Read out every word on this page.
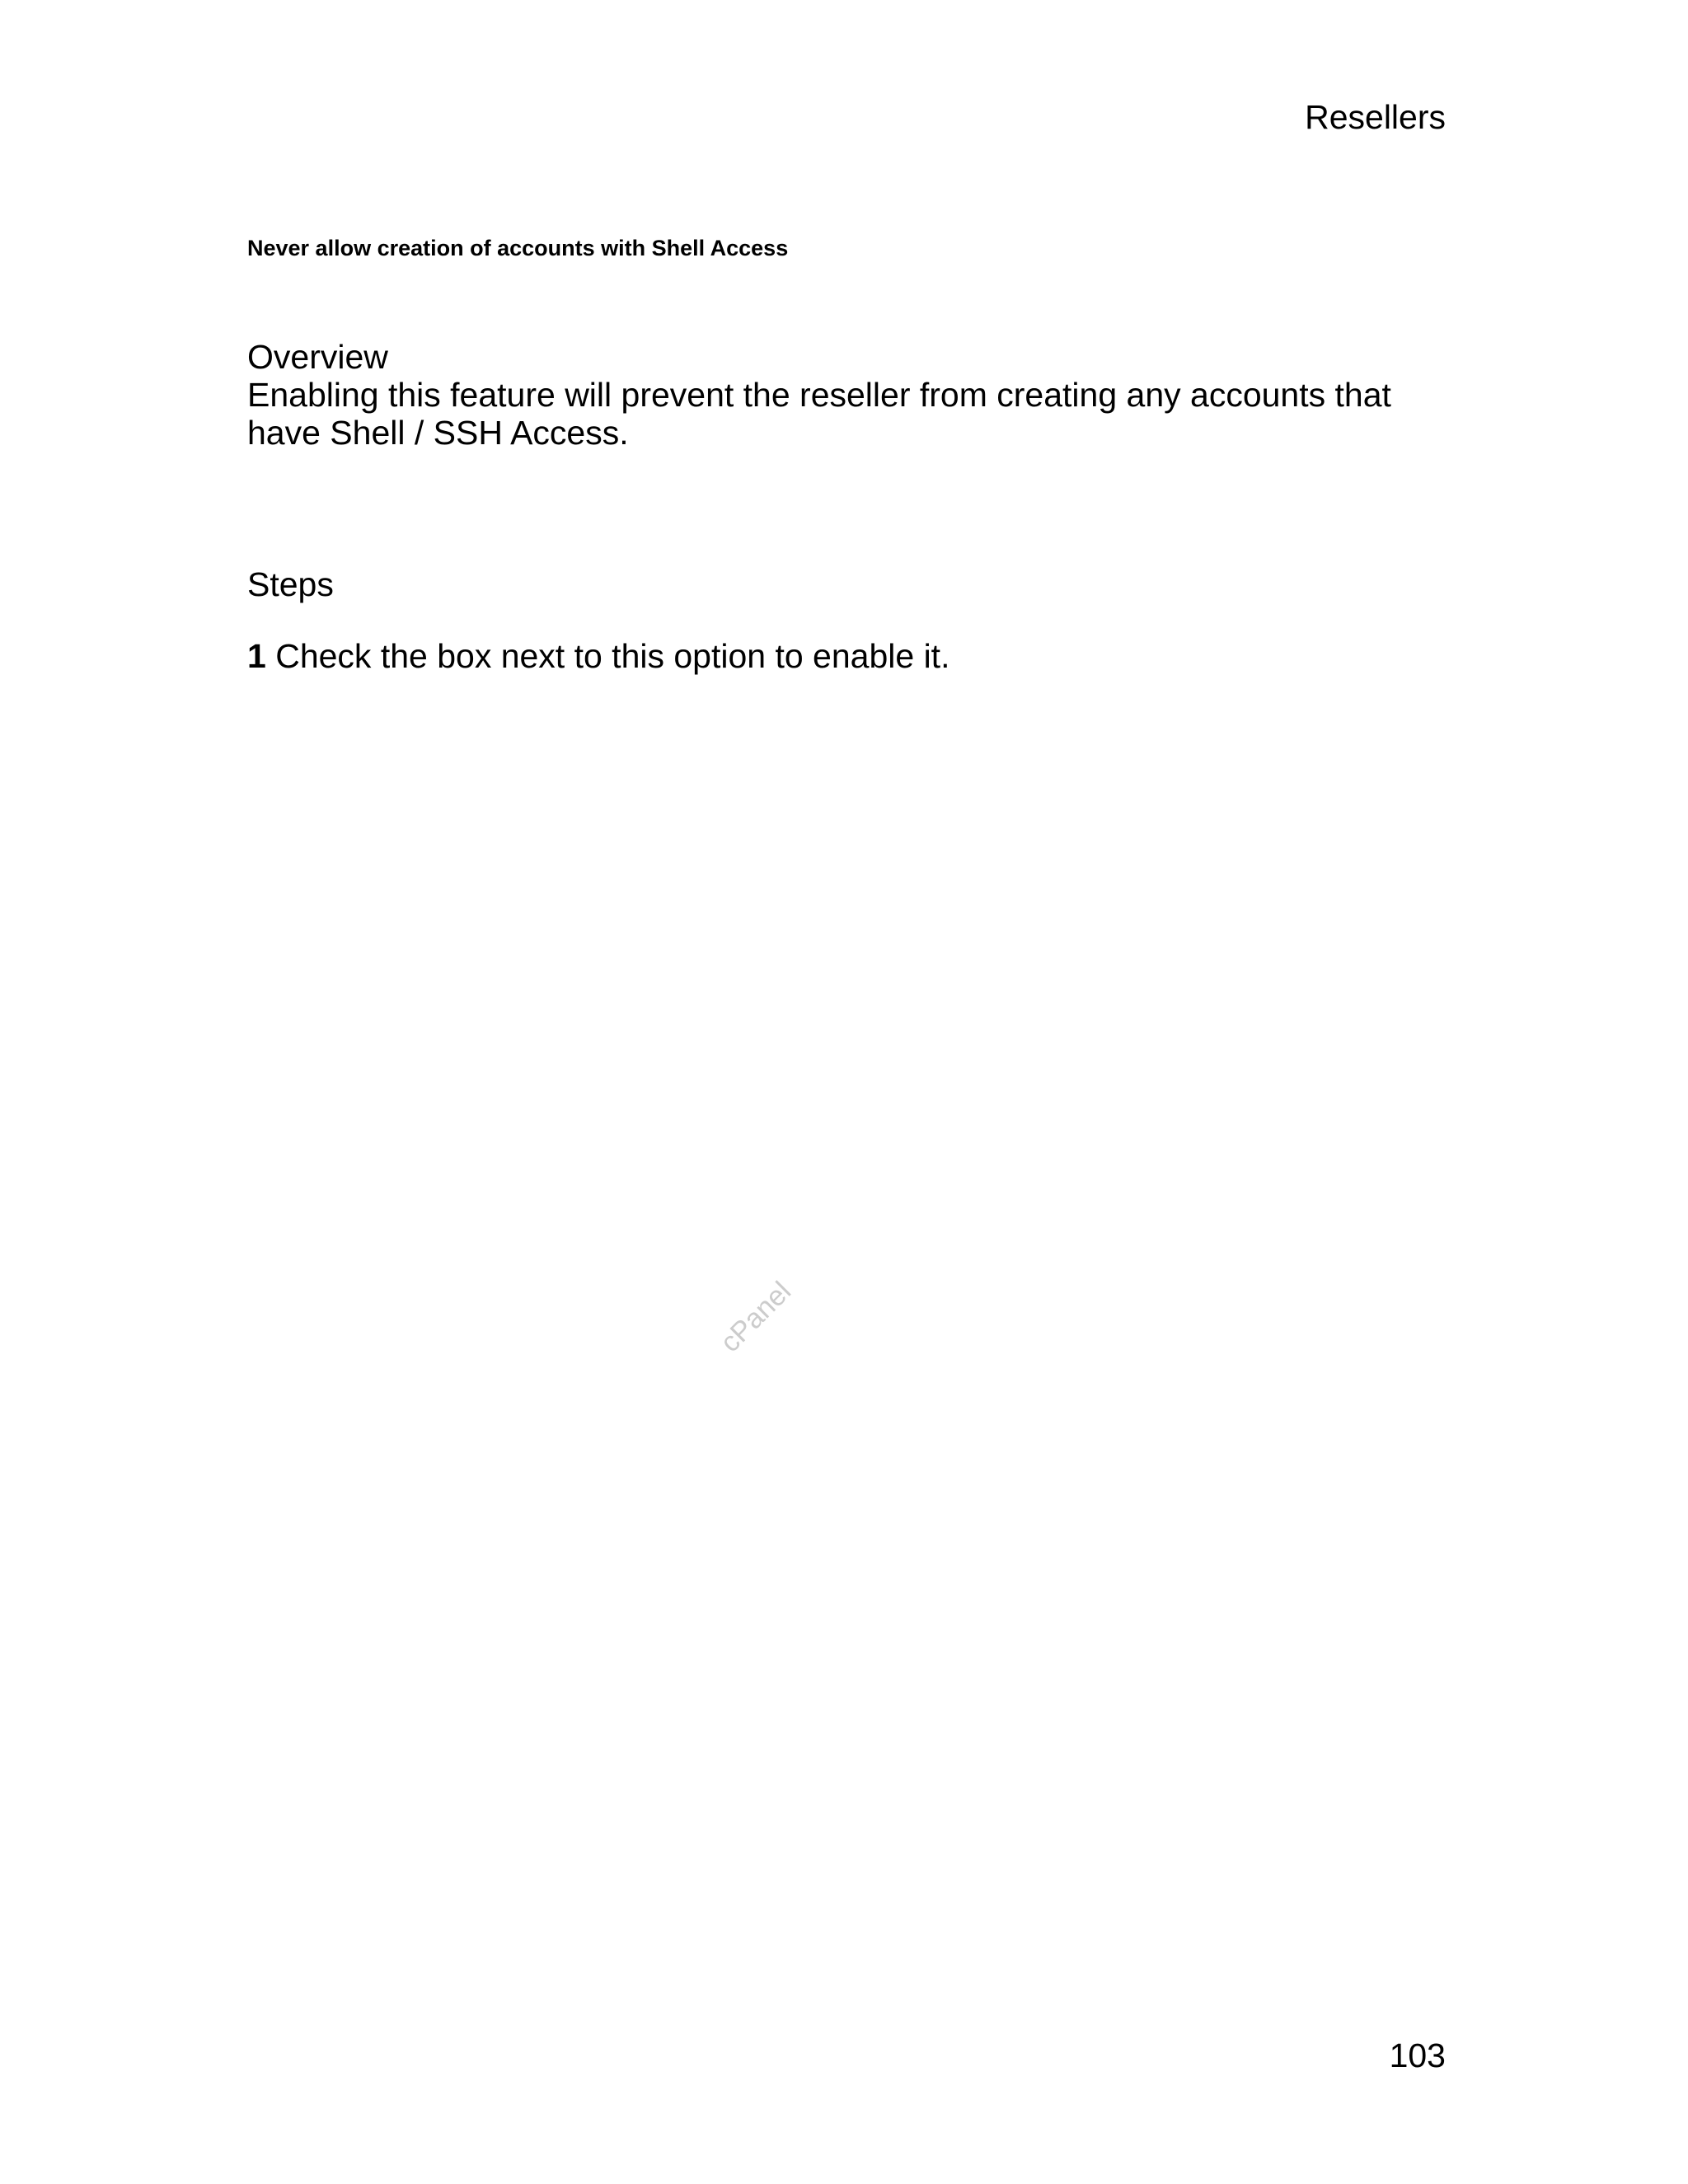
Resellers
Never allow creation of accounts with Shell Access
Overview
Enabling this feature will prevent the reseller from creating any accounts that have Shell / SSH Access.
Steps
1 Check the box next to this option to enable it.
cPanel
103
